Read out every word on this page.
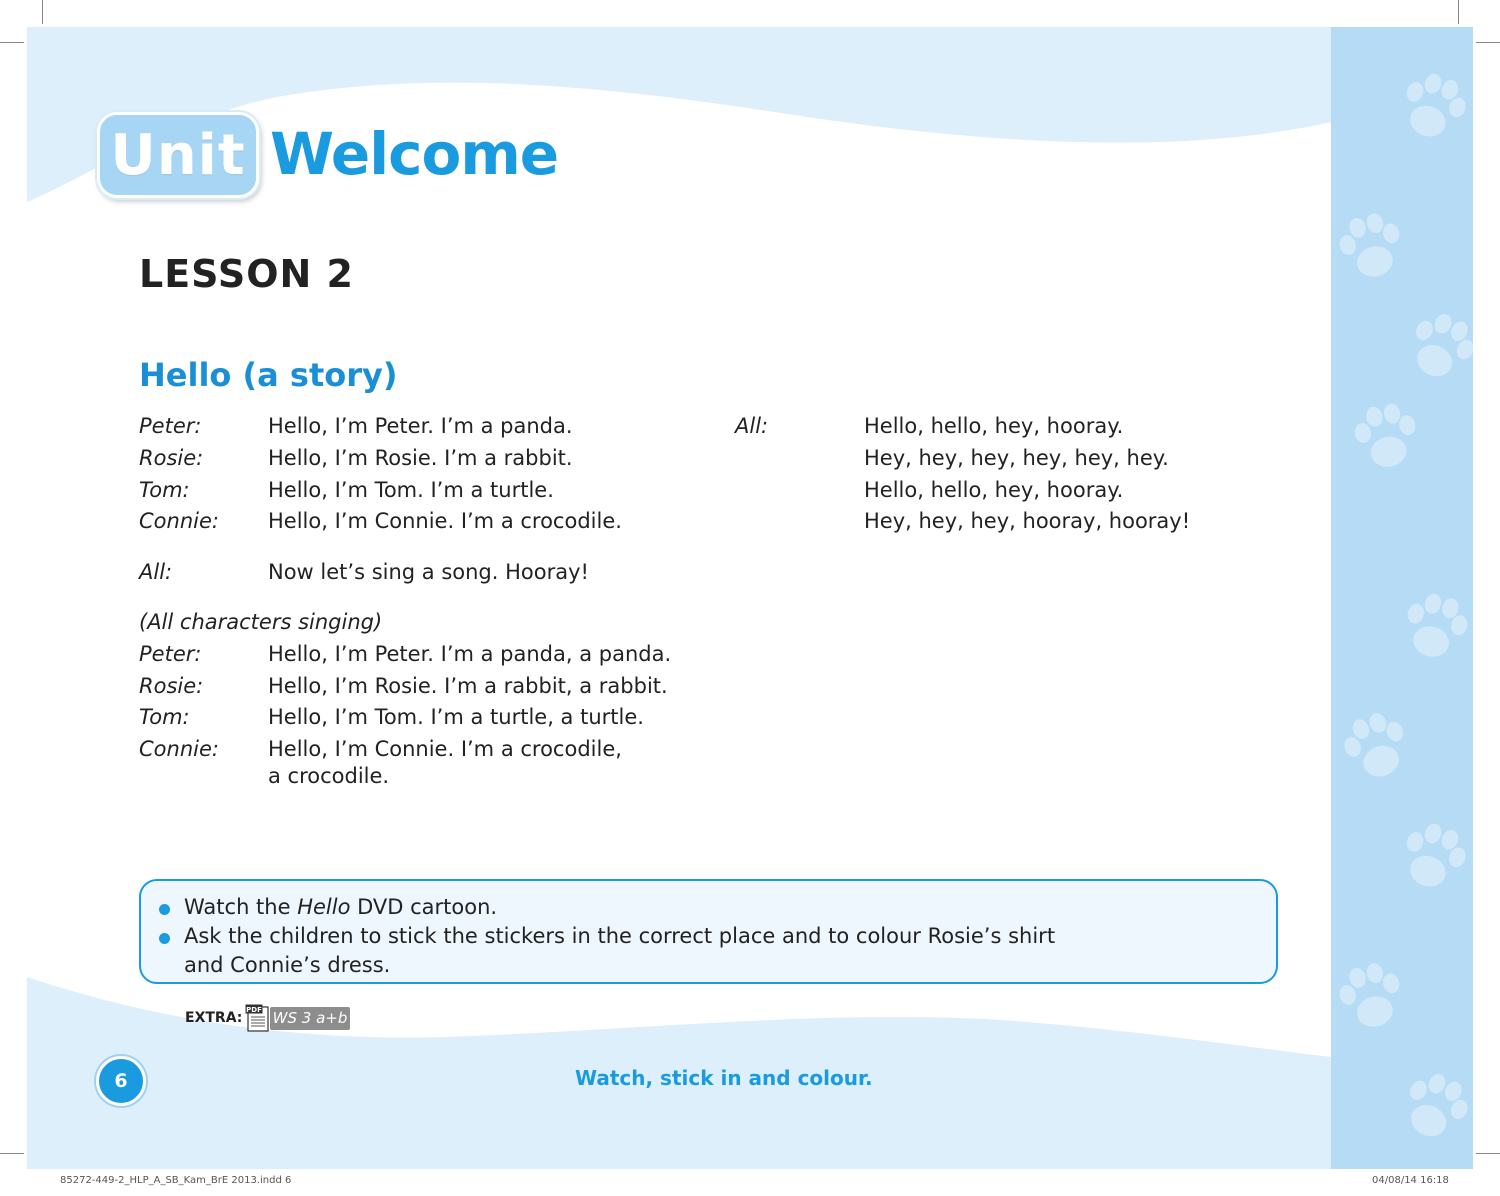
Unit Welcome
LESSON 2
Hello (a story)
Peter:	Hello, I’m Peter. I’m a panda.
Rosie:	Hello, I’m Rosie. I’m a rabbit.
Tom:	Hello, I’m Tom. I’m a turtle.
Connie: Hello, I’m Connie. I’m a crocodile.
All:	Now let’s sing a song. Hooray!
(All characters singing)
Peter:	Hello, I’m Peter. I’m a panda, a panda.
Rosie:	Hello, I’m Rosie. I’m a rabbit, a rabbit.
Tom:	Hello, I’m Tom. I’m a turtle, a turtle.
Connie: Hello, I’m Connie. I’m a crocodile,
a crocodile.
All:	Hello, hello, hey, hooray.
Hey, hey, hey, hey, hey, hey.
Hello, hello, hey, hooray.
Hey, hey, hey, hooray, hooray!
Watch the Hello DVD cartoon.
Ask the children to stick the stickers in the correct place and to colour Rosie’s shirt
and Connie’s dress.
EXTRA: PDF WS 3 a+b
6	Watch, stick in and colour.
85272-449-2_HLP_A_SB_Kam_BrE 2013.indd 6	04/08/14 16:18
